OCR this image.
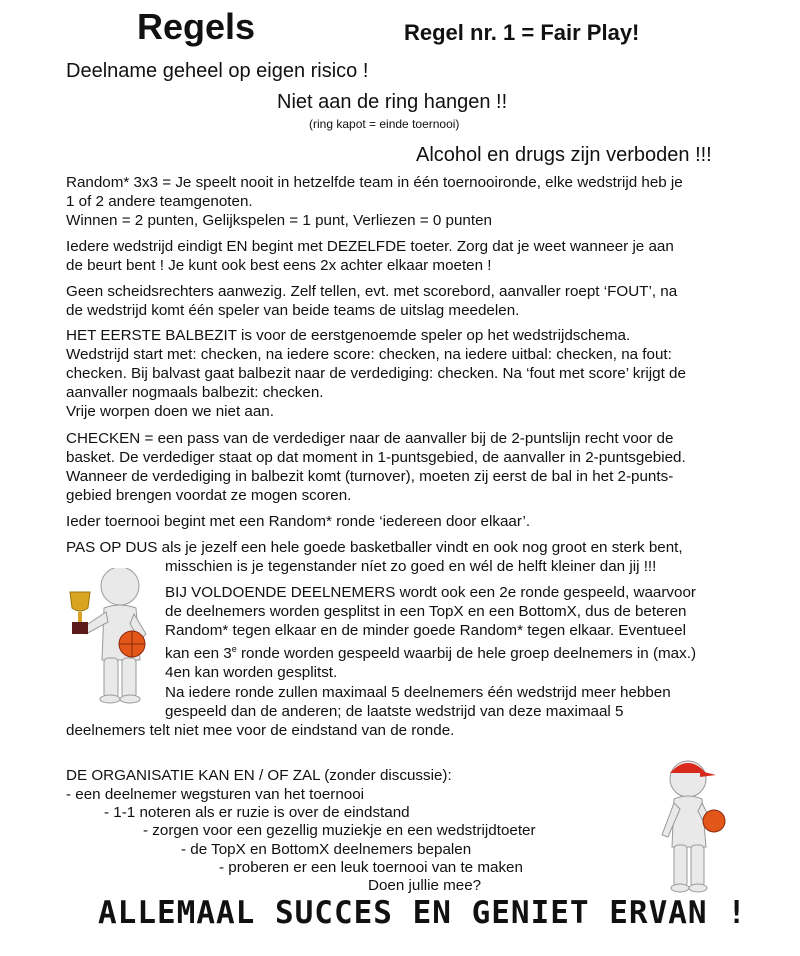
Regels	Regel nr. 1 = Fair Play!
Deelname geheel op eigen risico !
Niet aan de ring hangen !!
(ring kapot = einde toernooi)
Alcohol en drugs zijn verboden !!!
Random* 3x3 = Je speelt nooit in hetzelfde team in één toernooironde, elke wedstrijd heb je
1 of 2 andere teamgenoten.
Winnen = 2 punten, Gelijkspelen = 1 punt, Verliezen = 0 punten
Iedere wedstrijd eindigt EN begint met DEZELFDE toeter. Zorg dat je weet wanneer je aan
de beurt bent ! Je kunt ook best eens 2x achter elkaar moeten !
Geen scheidsrechters aanwezig. Zelf tellen, evt. met scorebord, aanvaller roept ‘FOUT’, na
de wedstrijd komt één speler van beide teams de uitslag meedelen.
HET EERSTE BALBEZIT is voor de eerstgenoemde speler op het wedstrijdschema.
Wedstrijd start met: checken, na iedere score: checken, na iedere uitbal: checken, na fout:
checken. Bij balvast gaat balbezit naar de verdediging: checken. Na ‘fout met score’ krijgt de
aanvaller nogmaals balbezit: checken.
Vrije worpen doen we niet aan.
CHECKEN = een pass van de verdediger naar de aanvaller bij de 2-puntslijn recht voor de
basket. De verdediger staat op dat moment in 1-puntsgebied, de aanvaller in 2-puntsgebied.
Wanneer de verdediging in balbezit komt (turnover), moeten zij eerst de bal in het 2-punts-
gebied brengen voordat ze mogen scoren.
Ieder toernooi begint met een Random* ronde ‘iedereen door elkaar’.
PAS OP DUS als je jezelf een hele goede basketballer vindt en ook nog groot en sterk bent,
misschien is je tegenstander níet zo goed en wél de helft kleiner dan jij !!!
BIJ VOLDOENDE DEELNEMERS wordt ook een 2e ronde gespeeld, waarvoor
de deelnemers worden gesplitst in een TopX en een BottomX, dus de beteren
Random* tegen elkaar en de minder goede Random* tegen elkaar. Eventueel
kan een 3e ronde worden gespeeld waarbij de hele groep deelnemers in (max.)
4en kan worden gesplitst.
Na iedere ronde zullen maximaal 5 deelnemers één wedstrijd meer hebben
gespeeld dan de anderen; de laatste wedstrijd van deze maximaal 5
deelnemers telt niet mee voor de eindstand van de ronde.
DE ORGANISATIE KAN EN / OF ZAL (zonder discussie):
- een deelnemer wegsturen van het toernooi
- 1-1 noteren als er ruzie is over de eindstand
- zorgen voor een gezellig muziekje en een wedstrijdtoeter
- de TopX en BottomX deelnemers bepalen
- proberen er een leuk toernooi van te maken
Doen jullie mee?
ALLEMAAL SUCCES EN GENIET ERVAN !
